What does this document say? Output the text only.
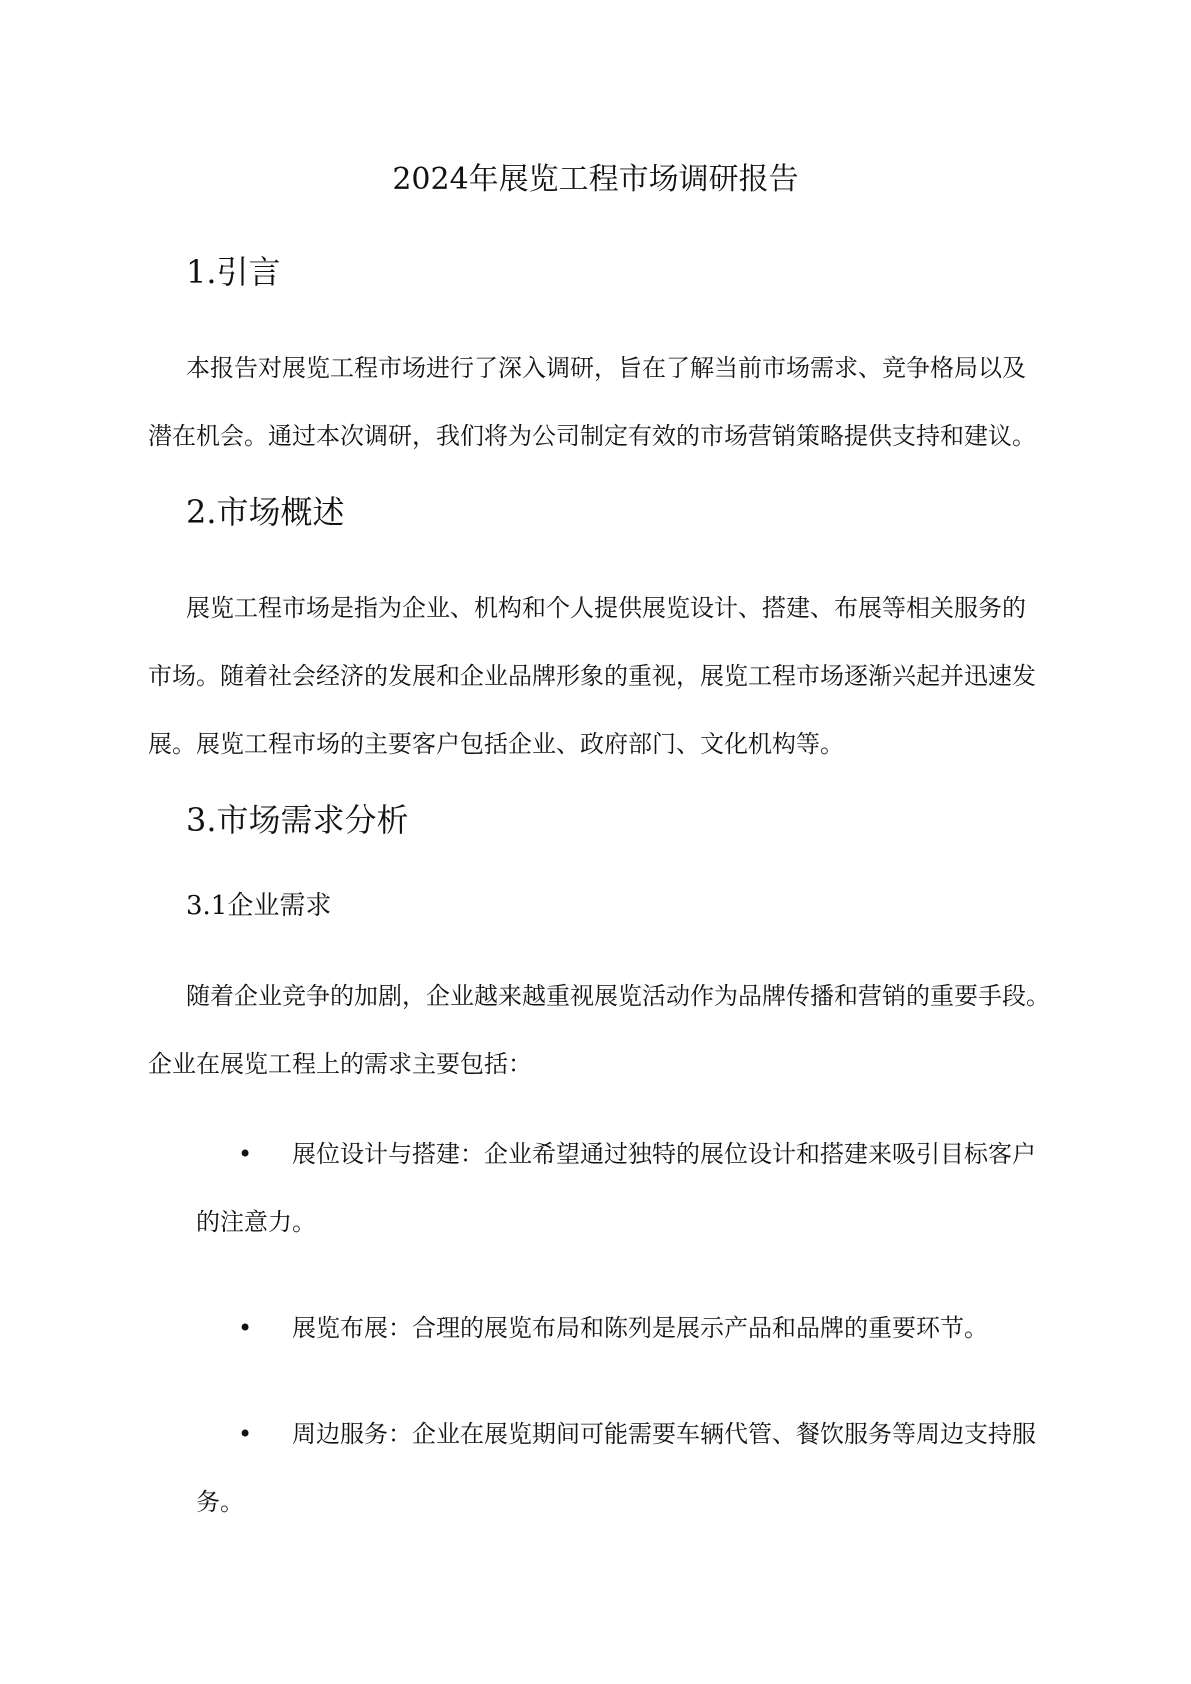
2024年展览工程市场调研报告
1.引言
本报告对展览工程市场进行了深入调研，旨在了解当前市场需求、竞争格局以及
潜在机会。通过本次调研，我们将为公司制定有效的市场营销策略提供支持和建议。
2.市场概述
展览工程市场是指为企业、机构和个人提供展览设计、搭建、布展等相关服务的
市场。随着社会经济的发展和企业品牌形象的重视，展览工程市场逐渐兴起并迅速发
展。展览工程市场的主要客户包括企业、政府部门、文化机构等。
3.市场需求分析
3.1企业需求
随着企业竞争的加剧，企业越来越重视展览活动作为品牌传播和营销的重要手段。
企业在展览工程上的需求主要包括：
•	展位设计与搭建：企业希望通过独特的展位设计和搭建来吸引目标客户
的注意力。
•	展览布展：合理的展览布局和陈列是展示产品和品牌的重要环节。
•	周边服务：企业在展览期间可能需要车辆代管、餐饮服务等周边支持服
务。
